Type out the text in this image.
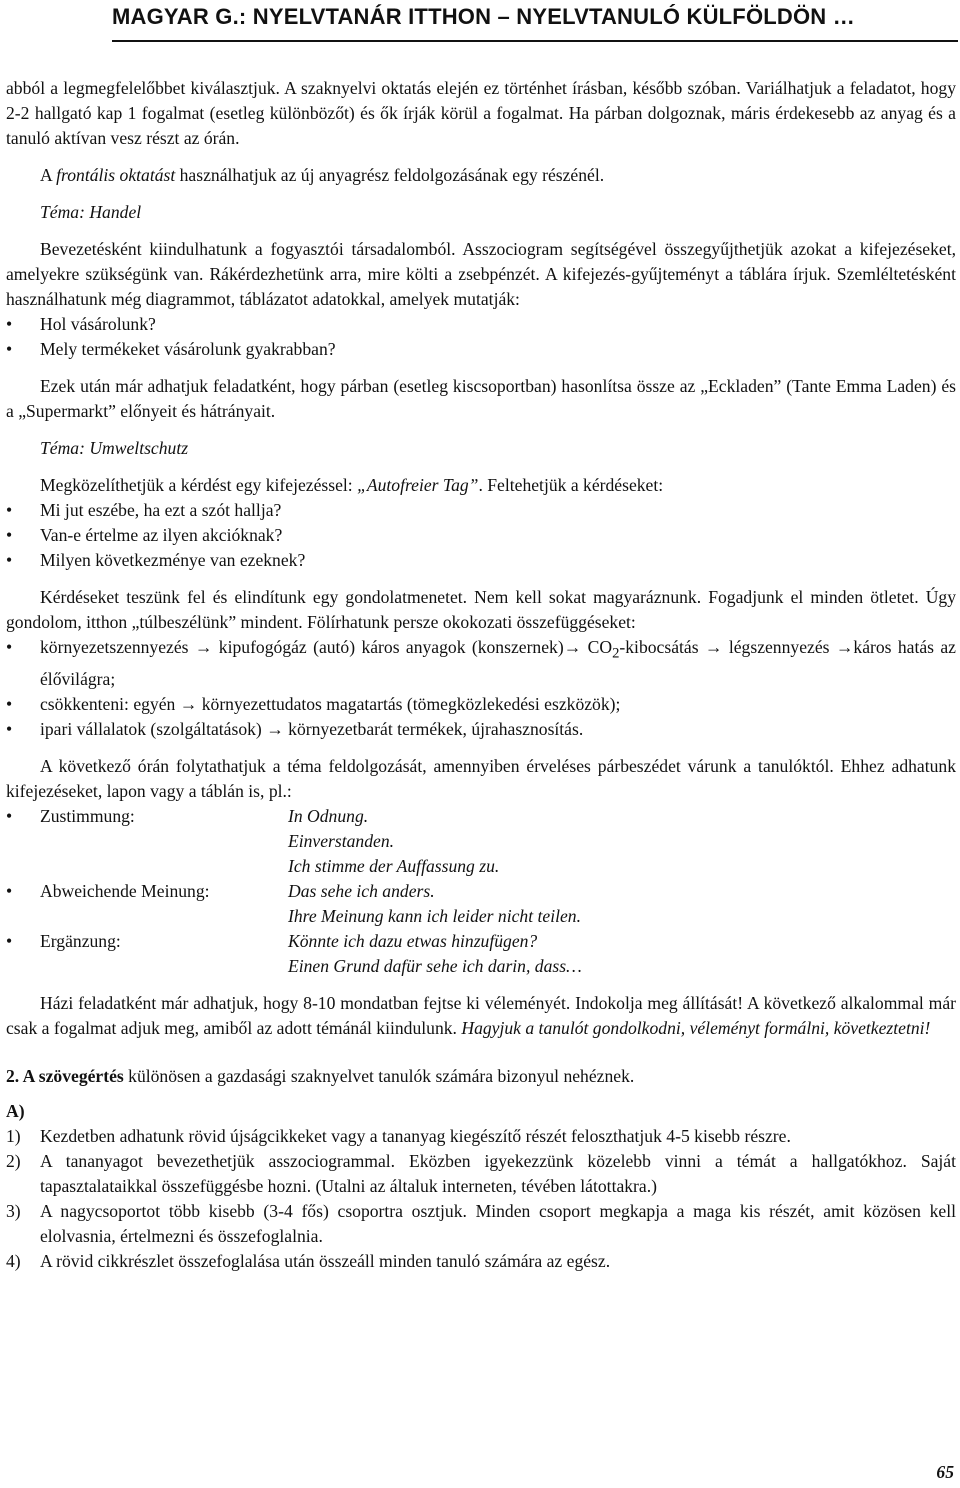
MAGYAR G.: NYELVTANÁR ITTHON – NYELVTANULÓ KÜLFÖLDÖN …

abból a legmegfelelőbbet kiválasztjuk. A szaknyelvi oktatás elején ez történhet írásban, később szóban. Variálhatjuk a feladatot, hogy 2-2 hallgató kap 1 fogalmat (esetleg különbözőt) és ők írják körül a fogalmat. Ha párban dolgoznak, máris érdekesebb az anyag és a tanuló aktívan vesz részt az órán.

A frontális oktatást használhatjuk az új anyagrész feldolgozásának egy részénél.

Téma: Handel

Bevezetésként kiindulhatunk a fogyasztói társadalomból. Asszociogram segítségével összegyűjthetjük azokat a kifejezéseket, amelyekre szükségünk van. Rákérdezhetünk arra, mire költi a zsebpénzét. A kifejezés-gyűjteményt a táblára írjuk. Szemléltetésként használhatunk még diagrammot, táblázatot adatokkal, amelyek mutatják:

• Hol vásárolunk?

• Mely termékeket vásárolunk gyakrabban?

Ezek után már adhatjuk feladatként, hogy párban (esetleg kiscsoportban) hasonlítsa össze az „Eckladen” (Tante Emma Laden) és a „Supermarkt” előnyeit és hátrányait.

Téma: Umweltschutz

Megközelíthetjük a kérdést egy kifejezéssel: „Autofreier Tag”. Feltehetjük a kérdéseket:

• Mi jut eszébe, ha ezt a szót hallja?

• Van-e értelme az ilyen akcióknak?

• Milyen következménye van ezeknek?

Kérdéseket teszünk fel és elindítunk egy gondolatmenetet. Nem kell sokat magyaráznunk. Fogadjunk el minden ötletet. Úgy gondolom, itthon „túlbeszélünk” mindent. Fölírhatunk persze okokozati összefüggéseket:

• környezetszennyezés → kipufogógáz (autó) káros anyagok (konszernek)→ $CO_2$-kibocsátás → légszennyezés →káros hatás az élővilágra;

• csökkenteni: egyén → környezettudatos magatartás (tömegközlekedési eszközök);

• ipari vállalatok (szolgáltatások) → környezetbarát termékek, újrahasznosítás.

A következő órán folytathatjuk a téma feldolgozását, amennyiben érveléses párbeszédet várunk a tanulóktól. Ehhez adhatunk kifejezéseket, lapon vagy a táblán is, pl.:

• Zustimmung:	In Odnung.

Einverstanden.

Ich stimme der Auffassung zu.

• Abweichende Meinung:	Das sehe ich anders.

Ihre Meinung kann ich leider nicht teilen.

• Ergänzung:	Könnte ich dazu etwas hinzufügen?

Einen Grund dafür sehe ich darin, dass…

Házi feladatként már adhatjuk, hogy 8-10 mondatban fejtse ki véleményét. Indokolja meg állítását! A következő alkalommal már csak a fogalmat adjuk meg, amiből az adott témánál kiindulunk. Hagyjuk a tanulót gondolkodni, véleményt formálni, következtetni!

2. A szövegértés különösen a gazdasági szaknyelvet tanulók számára bizonyul nehéznek.

A)

1) Kezdetben adhatunk rövid újságcikkeket vagy a tananyag kiegészítő részét feloszthatjuk 4-5 kisebb részre.

2) A tananyagot bevezethetjük asszociogrammal. Eközben igyekezzünk közelebb vinni a témát a hallgatókhoz. Saját tapasztalataikkal összefüggésbe hozni. (Utalni az általuk interneten, tévében látottakra.)

3) A nagycsoportot több kisebb (3-4 fős) csoportra osztjuk. Minden csoport megkapja a maga kis részét, amit közösen kell elolvasnia, értelmezni és összefoglalnia.

4) A rövid cikkrészlet összefoglalása után összeáll minden tanuló számára az egész.

65
